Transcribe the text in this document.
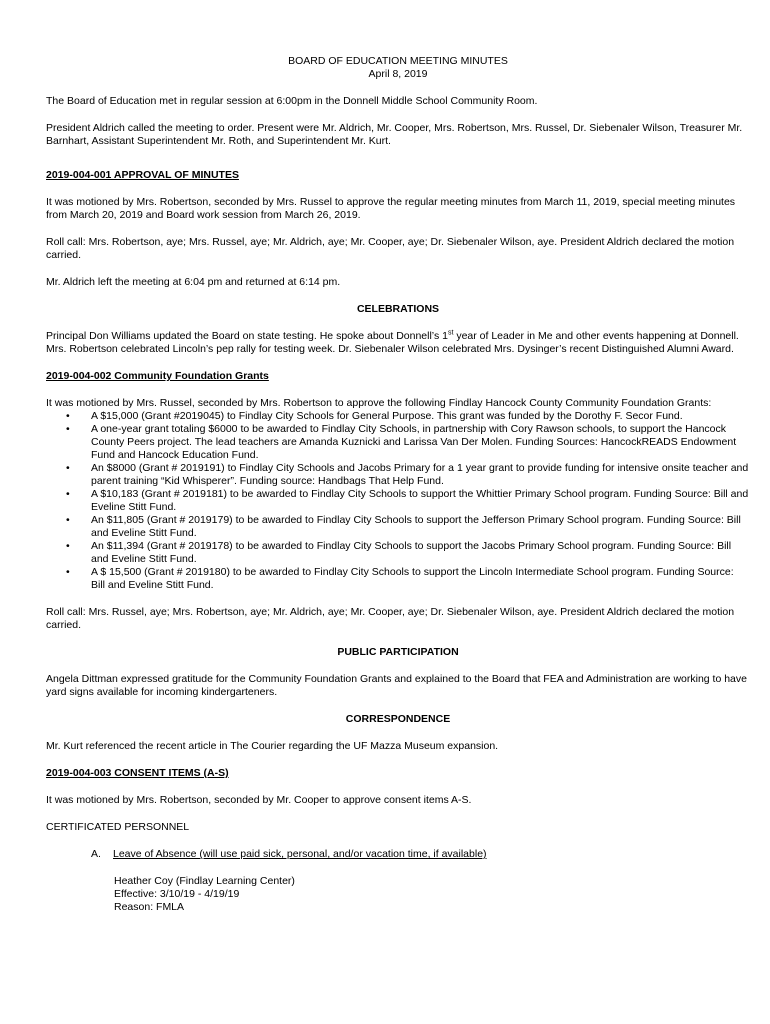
BOARD OF EDUCATION MEETING MINUTES

April 8, 2019

The Board of Education met in regular session at 6:00pm in the Donnell Middle School Community Room.

President Aldrich called the meeting to order. Present were Mr. Aldrich, Mr. Cooper, Mrs. Robertson, Mrs. Russel, Dr. Siebenaler Wilson, Treasurer Mr. Barnhart, Assistant Superintendent Mr. Roth, and Superintendent Mr. Kurt.

2019-004-001 APPROVAL OF MINUTES

It was motioned by Mrs. Robertson, seconded by Mrs. Russel to approve the regular meeting minutes from March 11, 2019, special meeting minutes from March 20, 2019 and Board work session from March 26, 2019.

Roll call: Mrs. Robertson, aye; Mrs. Russel, aye; Mr. Aldrich, aye; Mr. Cooper, aye; Dr. Siebenaler Wilson, aye. President Aldrich declared the motion carried.

Mr. Aldrich left the meeting at 6:04 pm and returned at 6:14 pm.

CELEBRATIONS

Principal Don Williams updated the Board on state testing. He spoke about Donnell’s 1st year of Leader in Me and other events happening at Donnell. Mrs. Robertson celebrated Lincoln’s pep rally for testing week. Dr. Siebenaler Wilson celebrated Mrs. Dysinger’s recent Distinguished Alumni Award.

2019-004-002 Community Foundation Grants

It was motioned by Mrs. Russel, seconded by Mrs. Robertson to approve the following Findlay Hancock County Community Foundation Grants:

• A $15,000 (Grant #2019045) to Findlay City Schools for General Purpose. This grant was funded by the Dorothy F. Secor Fund.
• A one-year grant totaling $6000 to be awarded to Findlay City Schools, in partnership with Cory Rawson schools, to support the Hancock County Peers project. The lead teachers are Amanda Kuznicki and Larissa Van Der Molen. Funding Sources: HancockREADS Endowment Fund and Hancock Education Fund.
• An $8000 (Grant # 2019191) to Findlay City Schools and Jacobs Primary for a 1 year grant to provide funding for intensive onsite teacher and parent training “Kid Whisperer”. Funding source: Handbags That Help Fund.
• A $10,183 (Grant # 2019181) to be awarded to Findlay City Schools to support the Whittier Primary School program. Funding Source: Bill and Eveline Stitt Fund.
• An $11,805 (Grant # 2019179) to be awarded to Findlay City Schools to support the Jefferson Primary School program. Funding Source: Bill and Eveline Stitt Fund.
• An $11,394 (Grant # 2019178) to be awarded to Findlay City Schools to support the Jacobs Primary School program. Funding Source: Bill and Eveline Stitt Fund.
• A $ 15,500 (Grant # 2019180) to be awarded to Findlay City Schools to support the Lincoln Intermediate School program. Funding Source: Bill and Eveline Stitt Fund.

Roll call: Mrs. Russel, aye; Mrs. Robertson, aye; Mr. Aldrich, aye; Mr. Cooper, aye; Dr. Siebenaler Wilson, aye. President Aldrich declared the motion carried.

PUBLIC PARTICIPATION

Angela Dittman expressed gratitude for the Community Foundation Grants and explained to the Board that FEA and Administration are working to have yard signs available for incoming kindergarteners.

CORRESPONDENCE

Mr. Kurt referenced the recent article in The Courier regarding the UF Mazza Museum expansion.

2019-004-003 CONSENT ITEMS (A-S)

It was motioned by Mrs. Robertson, seconded by Mr. Cooper to approve consent items A-S.

CERTIFICATED PERSONNEL

A. Leave of Absence (will use paid sick, personal, and/or vacation time, if available)

Heather Coy (Findlay Learning Center)

Effective: 3/10/19 - 4/19/19

Reason: FMLA
